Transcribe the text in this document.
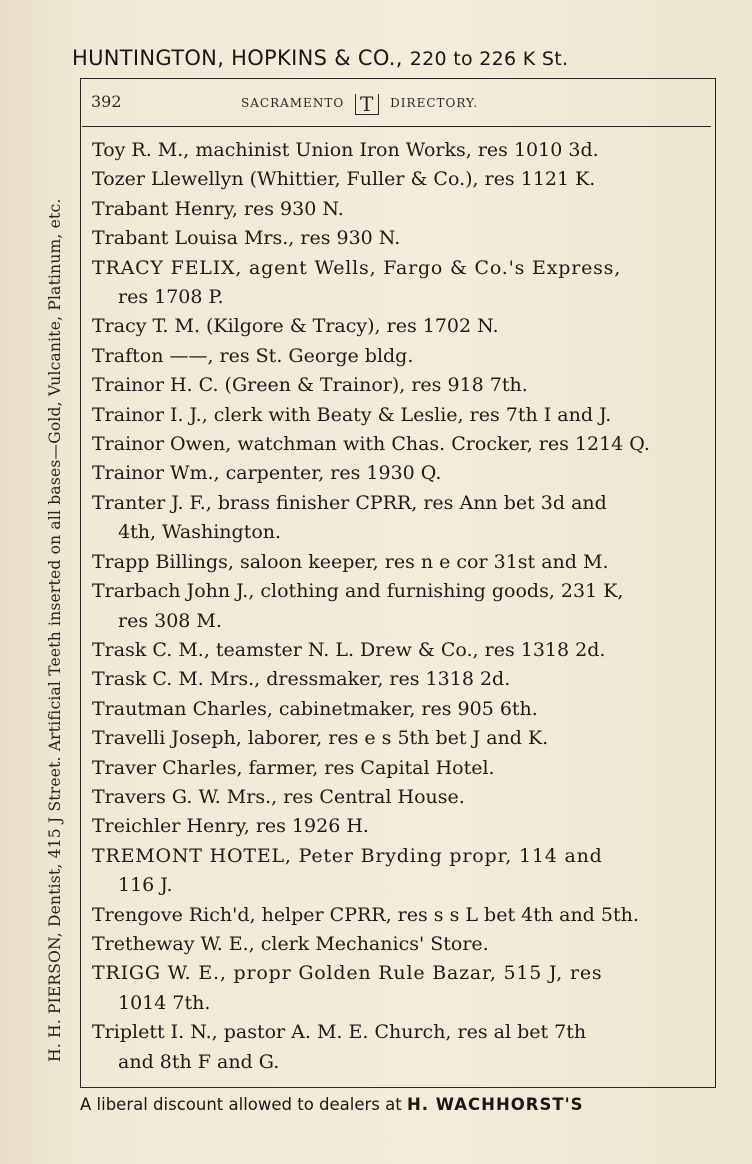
HUNTINGTON, HOPKINS & CO., 220 to 226 K St.
H. H. PIERSON, Dentist, 415 J Street. Artificial Teeth inserted on all bases—Gold, Vulcanite, Platinum, etc.
392	SACRAMENTO T DIRECTORY.
Toy R. M., machinist Union Iron Works, res 1010 3d.
Tozer Llewellyn (Whittier, Fuller & Co.), res 1121 K.
Trabant Henry, res 930 N.
Trabant Louisa Mrs., res 930 N.
TRACY FELIX, agent Wells, Fargo & Co.'s Express,
res 1708 P.
Tracy T. M. (Kilgore & Tracy), res 1702 N.
Trafton ——, res St. George bldg.
Trainor H. C. (Green & Trainor), res 918 7th.
Trainor I. J., clerk with Beaty & Leslie, res 7th I and J.
Trainor Owen, watchman with Chas. Crocker, res 1214 Q.
Trainor Wm., carpenter, res 1930 Q.
Tranter J. F., brass finisher CPRR, res Ann bet 3d and
4th, Washington.
Trapp Billings, saloon keeper, res n e cor 31st and M.
Trarbach John J., clothing and furnishing goods, 231 K,
res 308 M.
Trask C. M., teamster N. L. Drew & Co., res 1318 2d.
Trask C. M. Mrs., dressmaker, res 1318 2d.
Trautman Charles, cabinetmaker, res 905 6th.
Travelli Joseph, laborer, res e s 5th bet J and K.
Traver Charles, farmer, res Capital Hotel.
Travers G. W. Mrs., res Central House.
Treichler Henry, res 1926 H.
TREMONT HOTEL, Peter Bryding propr, 114 and
116 J.
Trengove Rich'd, helper CPRR, res s s L bet 4th and 5th.
Tretheway W. E., clerk Mechanics' Store.
TRIGG W. E., propr Golden Rule Bazar, 515 J, res
1014 7th.
Triplett I. N., pastor A. M. E. Church, res al bet 7th
and 8th F and G.
A liberal discount allowed to dealers at H. WACHHORST'S
